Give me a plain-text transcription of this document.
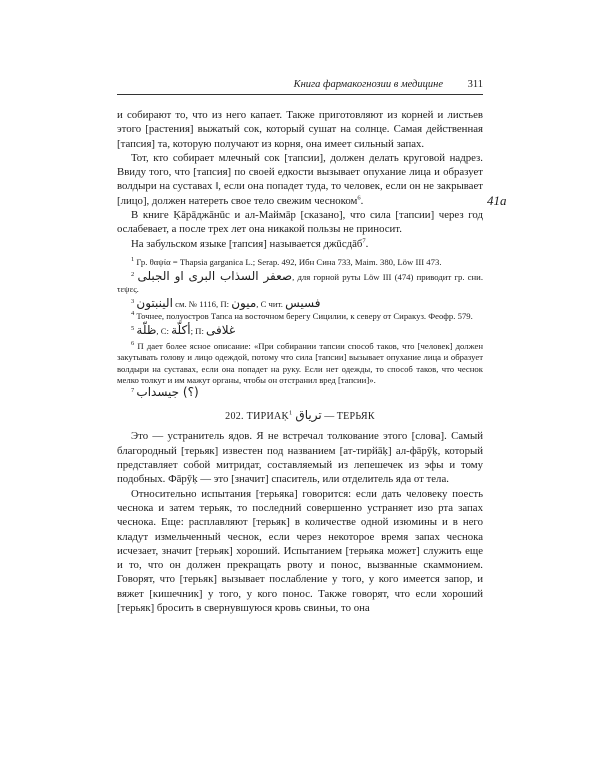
Книга фармакогнозии в медицине 311
41а

и собирают то, что из него капает. Также приготовляют из корней и листьев этого [растения] выжатый сок, который сушат на солнце. Самая действенная [тапсия] та, которую получают из корня, она имеет сильный запах.

Тот, кто собирает млечный сок [тапсии], должен делать круговой надрез. Ввиду того, что [тапсия] по своей едкости вызывает опухание лица и образует волдыри на суставах ‖, если она попадет туда, то человек, если он не закрывает [лицо], должен натереть свое тело свежим чесноком$^6$.

В книге Ḳāрāджāнūс и ал-Маймāр [сказано], что сила [тапсии] через год ослабевает, а после трех лет она никакой пользы не приносит.

На забульском языке [тапсия] называется джūсдāб$^7$.

$^1$ Гр. θαψία = Thapsia garganica L.; Serap. 492, Ибн Сина 733, Maim. 380, Löw III 473.

$^2$ صعفر السذاب البرى او الجبلى, для горной руты Löw III (474) приводит гр. сни. τεψες.

$^3$ الينبتون см. № 1116, П: ميون, С чит. فسيس

$^4$ Точнее, полуостров Тапса на восточном берегу Сицилии, к северу от Сиракуз. Феофр. 579.

$^5$ ظلّة, С: أكلّة; П: غلافى

$^6$ П дает более ясное описание: «При собирании тапсии способ таков, что [человек] должен закутывать голову и лицо одеждой, потому что сила [тапсии] вызывает опухание лица и образует волдыри на суставах, если она попадет на руку. Если нет одежды, то способ таков, что чеснок мелко толкут и им мажут органы, чтобы он отстранил вред [тапсии]».

$^7$ (؟) جيسداب

202. ТИРИАḲ$^1$ ترياق — ТЕРЬЯК

Это — устранитель ядов. Я не встречал толкование этого [слова]. Самый благородный [терьяк] известен под названием [ат-тирйāḳ] ал-фāрӯḳ, который представляет собой митридат, составляемый из лепешечек из эфы и тому подобных. Фāрӯḳ — это [значит] спаситель, или отделитель яда от тела.

Относительно испытания [терьяка] говорится: если дать человеку поесть чеснока и затем терьяк, то последний совершенно устраняет изо рта запах чеснока. Еще: расплавляют [терьяк] в количестве одной изюмины и в него кладут измельченный чеснок, если через некоторое время запах чеснока исчезает, значит [терьяк] хороший. Испытанием [терьяка может] служить еще и то, что он должен прекращать рвоту и понос, вызванные скаммонием. Говорят, что [терьяк] вызывает послабление у того, у кого имеется запор, и вяжет [кишечник] у того, у кого понос. Также говорят, что если хороший [терьяк] бросить в свернувшуюся кровь свиньи, то она
